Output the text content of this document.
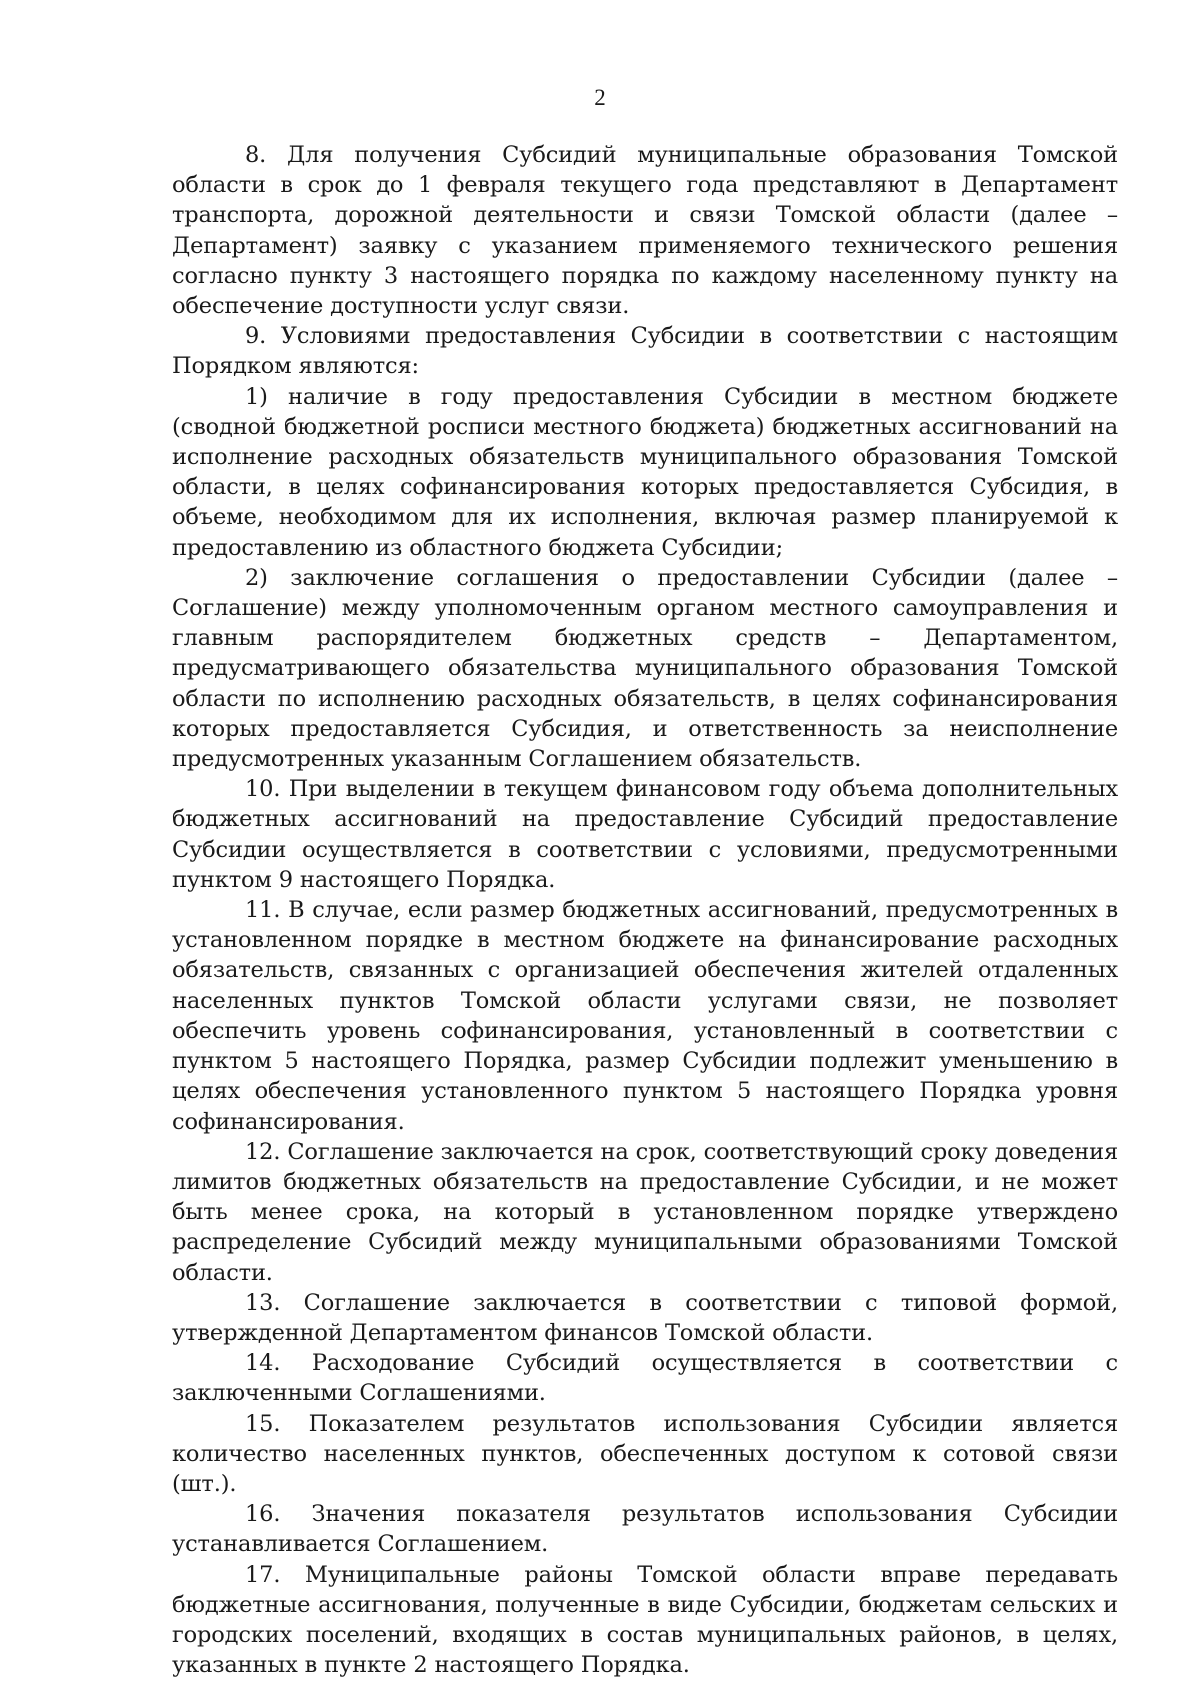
2

8. Для получения Субсидий муниципальные образования Томской области в срок до 1 февраля текущего года представляют в Департамент транспорта, дорожной деятельности и связи Томской области (далее – Департамент) заявку с указанием применяемого технического решения согласно пункту 3 настоящего порядка по каждому населенному пункту на обеспечение доступности услуг связи.

9. Условиями предоставления Субсидии в соответствии с настоящим Порядком являются:

1) наличие в году предоставления Субсидии в местном бюджете (сводной бюджетной росписи местного бюджета) бюджетных ассигнований на исполнение расходных обязательств муниципального образования Томской области, в целях софинансирования которых предоставляется Субсидия, в объеме, необходимом для их исполнения, включая размер планируемой к предоставлению из областного бюджета Субсидии;

2) заключение соглашения о предоставлении Субсидии (далее – Соглашение) между уполномоченным органом местного самоуправления и главным распорядителем бюджетных средств – Департаментом, предусматривающего обязательства муниципального образования Томской области по исполнению расходных обязательств, в целях софинансирования которых предоставляется Субсидия, и ответственность за неисполнение предусмотренных указанным Соглашением обязательств.

10. При выделении в текущем финансовом году объема дополнительных бюджетных ассигнований на предоставление Субсидий предоставление Субсидии осуществляется в соответствии с условиями, предусмотренными пунктом 9 настоящего Порядка.

11. В случае, если размер бюджетных ассигнований, предусмотренных в установленном порядке в местном бюджете на финансирование расходных обязательств, связанных с организацией обеспечения жителей отдаленных населенных пунктов Томской области услугами связи, не позволяет обеспечить уровень софинансирования, установленный в соответствии с пунктом 5 настоящего Порядка, размер Субсидии подлежит уменьшению в целях обеспечения установленного пунктом 5 настоящего Порядка уровня софинансирования.

12. Соглашение заключается на срок, соответствующий сроку доведения лимитов бюджетных обязательств на предоставление Субсидии, и не может быть менее срока, на который в установленном порядке утверждено распределение Субсидий между муниципальными образованиями Томской области.

13. Соглашение заключается в соответствии с типовой формой, утвержденной Департаментом финансов Томской области.

14. Расходование Субсидий осуществляется в соответствии с заключенными Соглашениями.

15. Показателем результатов использования Субсидии является количество населенных пунктов, обеспеченных доступом к сотовой связи (шт.).

16. Значения показателя результатов использования Субсидии устанавливается Соглашением.

17. Муниципальные районы Томской области вправе передавать бюджетные ассигнования, полученные в виде Субсидии, бюджетам сельских и городских поселений, входящих в состав муниципальных районов, в целях, указанных в пункте 2 настоящего Порядка.
